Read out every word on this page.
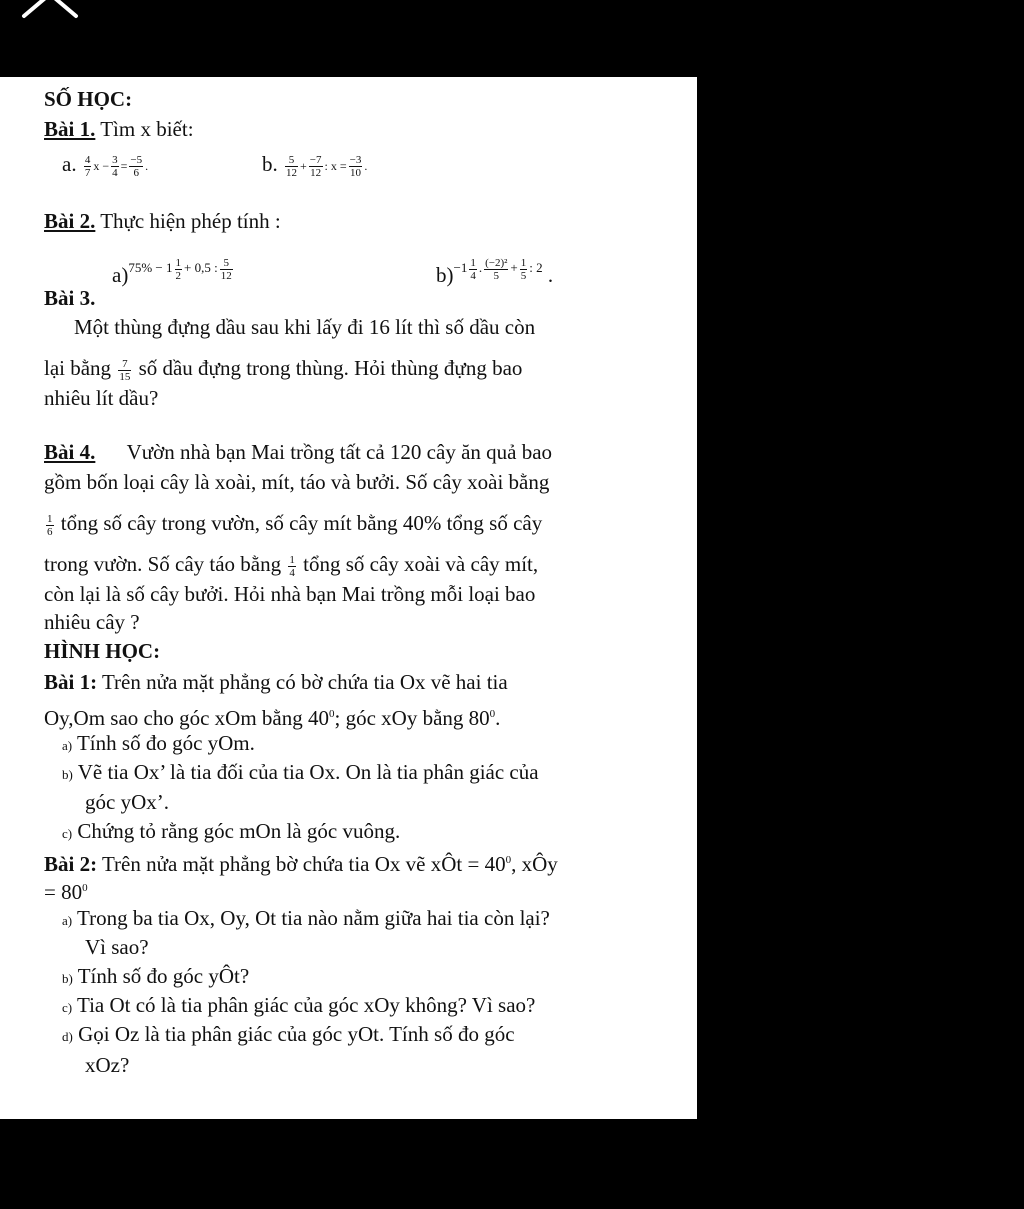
SỐ HỌC:
Bài 1. Tìm x biết:
a. $\frac{4}{7}$ $x - \frac{3}{4} = \frac{-5}{6}$ .	b. $\frac{5}{12} + \frac{-7}{12}$ : $x = \frac{-3}{10}$ .
Bài 2. Thực hiện phép tính :
a)$^{75\% - 1 \frac{1}{2} + 0,5 : \frac{5}{12}}$	b)$^{-1 \frac{1}{4} . \frac{\text{(−2)²}}{5} + \frac{1}{5} : 2}$ .
Bài 3.
Một thùng đựng dầu sau khi lấy đi 16 lít thì số dầu còn
lại bằng $\frac{7}{15}$ số dầu đựng trong thùng. Hỏi thùng đựng bao
nhiêu lít dầu?
Bài 4. Vườn nhà bạn Mai trồng tất cả 120 cây ăn quả bao
gồm bốn loại cây là xoài, mít, táo và bưởi. Số cây xoài bằng
$\frac{1}{6}$ tổng số cây trong vườn, số cây mít bằng 40% tổng số cây
trong vườn. Số cây táo bằng $\frac{1}{4}$ tổng số cây xoài và cây mít,
còn lại là số cây bưởi. Hỏi nhà bạn Mai trồng mỗi loại bao
nhiêu cây ?
HÌNH HỌC:
Bài 1: Trên nửa mặt phẳng có bờ chứa tia Ox vẽ hai tia
Oy,Om sao cho góc xOm bằng $40^0$; góc xOy bằng $80^0$.
a) Tính số đo góc yOm.
b) Vẽ tia Ox’ là tia đối của tia Ox. On là tia phân giác của
góc yOx’.
c) Chứng tỏ rằng góc mOn là góc vuông.
Bài 2: Trên nửa mặt phẳng bờ chứa tia Ox vẽ xÔt = $40^0$, xÔy
= $80^0$
a) Trong ba tia Ox, Oy, Ot tia nào nằm giữa hai tia còn lại?
Vì sao?
b) Tính số đo góc yÔt?
c) Tia Ot có là tia phân giác của góc xOy không? Vì sao?
d) Gọi Oz là tia phân giác của góc yOt. Tính số đo góc
xOz?
